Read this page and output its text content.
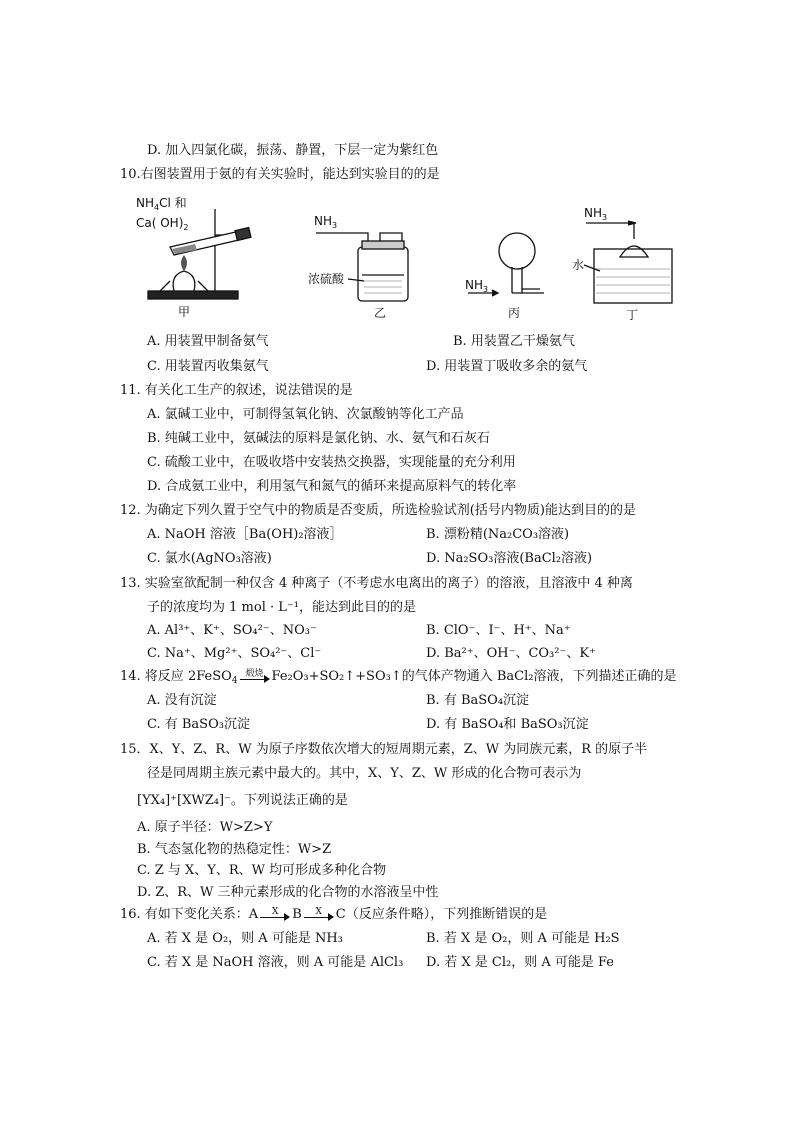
D. 加入四氯化碳，振荡、静置，下层一定为紫红色
10.右图装置用于氨的有关实验时，能达到实验目的的是
$NH_4Cl$ 和
Ca( $OH)_2$
甲
$NH_3$
浓硫酸
乙
$NH_3$
丙
$NH_3$
水
丁
A. 用装置甲制备氨气	B. 用装置乙干燥氨气
C. 用装置丙收集氨气	D. 用装置丁吸收多余的氨气
11. 有关化工生产的叙述，说法错误的是
A. 氯碱工业中，可制得氢氧化钠、次氯酸钠等化工产品
B. 纯碱工业中，氨碱法的原料是氯化钠、水、氨气和石灰石
C. 硫酸工业中，在吸收塔中安装热交换器，实现能量的充分利用
D. 合成氨工业中，利用氢气和氮气的循环来提高原料气的转化率
12. 为确定下列久置于空气中的物质是否变质，所选检验试剂(括号内物质)能达到目的的是
A. NaOH 溶液［Ba(OH)₂溶液］	B. 漂粉精(Na₂CO₃溶液)
C. 氯水(AgNO₃溶液)	D. Na₂SO₃溶液(BaCl₂溶液)
13. 实验室欲配制一种仅含 4 种离子（不考虑水电离出的离子）的溶液，且溶液中 4 种离
子的浓度均为 1 mol · L⁻¹，能达到此目的的是
A. Al³⁺、K⁺、SO₄²⁻、NO₃⁻	B. ClO⁻、I⁻、H⁺、Na⁺
C. Na⁺、Mg²⁺、SO₄²⁻、Cl⁻	D. Ba²⁺、OH⁻、CO₃²⁻、K⁺
14. 将反应 2FeSO$_4$
煅烧 Fe₂O₃+SO₂↑+SO₃↑的气体产物通入 BaCl₂溶液，下列描述正确的是
A. 没有沉淀	B. 有 BaSO₄沉淀
C. 有 BaSO₃沉淀	D. 有 BaSO₄和 BaSO₃沉淀
15．X、Y、Z、R、W 为原子序数依次增大的短周期元素，Z、W 为同族元素，R 的原子半
径是同周期主族元素中最大的。其中，X、Y、Z、W 形成的化合物可表示为
[YX₄]⁺[XWZ₄]⁻。下列说法正确的是
A. 原子半径：W>Z>Y
B. 气态氢化物的热稳定性：W>Z
C. Z 与 X、Y、R、W 均可形成多种化合物
D. Z、R、W 三种元素形成的化合物的水溶液呈中性
16. 有如下变化关系：A	X	B	X	C（反应条件略），下列推断错误的是
A. 若 X 是 O₂，则 A 可能是 NH₃	B. 若 X 是 O₂，则 A 可能是 H₂S
C. 若 X 是 NaOH 溶液，则 A 可能是 AlCl₃ D. 若 X 是 Cl₂，则 A 可能是 Fe
